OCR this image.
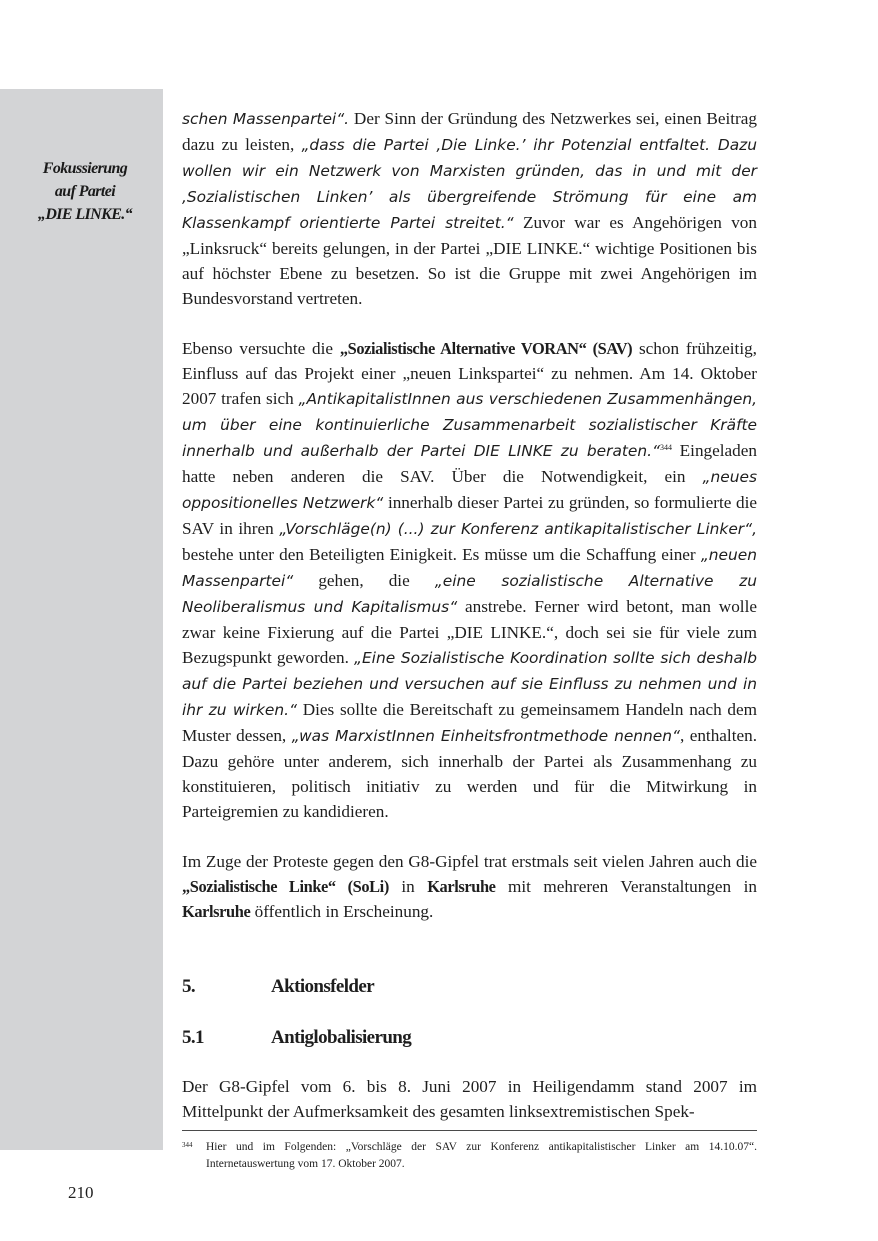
Fokussierung
auf Partei
„DIE LINKE.“

schen Massenpartei“. Der Sinn der Gründung des Netzwerkes sei, einen Beitrag dazu zu leisten, „dass die Partei ‚Die Linke.’ ihr Potenzial entfaltet. Dazu wollen wir ein Netzwerk von Marxisten gründen, das in und mit der ‚Sozialistischen Linken’ als übergreifende Strömung für eine am Klassenkampf orientierte Partei streitet.“ Zuvor war es Angehörigen von „Linksruck“ bereits gelungen, in der Partei „DIE LINKE.“ wichtige Positionen bis auf höchster Ebene zu besetzen. So ist die Gruppe mit zwei Angehörigen im Bundesvorstand vertreten.

Ebenso versuchte die „Sozialistische Alternative VORAN“ (SAV) schon frühzeitig, Einfluss auf das Projekt einer „neuen Linkspartei“ zu nehmen. Am 14. Oktober 2007 trafen sich „AntikapitalistInnen aus verschiedenen Zusammenhängen, um über eine kontinuierliche Zusammenarbeit sozialistischer Kräfte innerhalb und außerhalb der Partei DIE LINKE zu beraten.“$^{344}$ Eingeladen hatte neben anderen die SAV. Über die Notwendigkeit, ein „neues oppositionelles Netzwerk“ innerhalb dieser Partei zu gründen, so formulierte die SAV in ihren „Vorschläge(n) (...) zur Konferenz antikapitalistischer Linker“, bestehe unter den Beteiligten Einigkeit. Es müsse um die Schaffung einer „neuen Massenpartei“ gehen, die „eine sozialistische Alternative zu Neoliberalismus und Kapitalismus“ anstrebe. Ferner wird betont, man wolle zwar keine Fixierung auf die Partei „DIE LINKE.“, doch sei sie für viele zum Bezugspunkt geworden. „Eine Sozialistische Koordination sollte sich deshalb auf die Partei beziehen und versuchen auf sie Einfluss zu nehmen und in ihr zu wirken.“ Dies sollte die Bereitschaft zu gemeinsamem Handeln nach dem Muster dessen, „was MarxistInnen Einheitsfrontmethode nennen“, enthalten. Dazu gehöre unter anderem, sich innerhalb der Partei als Zusammenhang zu konstituieren, politisch initiativ zu werden und für die Mitwirkung in Parteigremien zu kandidieren.

Im Zuge der Proteste gegen den G8-Gipfel trat erstmals seit vielen Jahren auch die „Sozialistische Linke“ (SoLi) in Karlsruhe mit mehreren Veranstaltungen in Karlsruhe öffentlich in Erscheinung.

5.	Aktionsfelder
5.1	Antiglobalisierung

Der G8-Gipfel vom 6. bis 8. Juni 2007 in Heiligendamm stand 2007 im Mittelpunkt der Aufmerksamkeit des gesamten linksextremistischen Spek-

344	Hier und im Folgenden: „Vorschläge der SAV zur Konferenz antikapitalistischer Linker am 14.10.07“. Internetauswertung vom 17. Oktober 2007.
210
